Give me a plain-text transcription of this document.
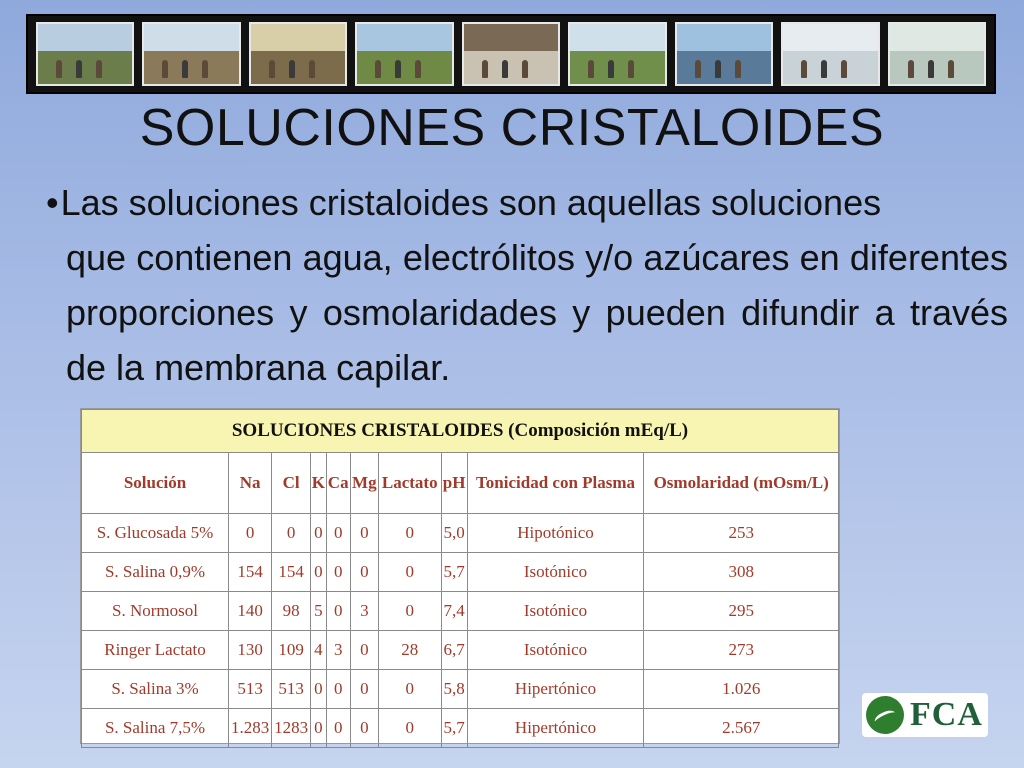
SOLUCIONES CRISTALOIDES
•Las soluciones cristaloides son aquellas soluciones
que contienen agua, electrólitos y/o azúcares en diferentes proporciones y osmolaridades y pueden difundir a través de la membrana capilar.
SOLUCIONES CRISTALOIDES (Composición mEq/L)									
Solución	Na	Cl	K	Ca	Mg	Lactato	pH	Tonicidad con Plasma	Osmolaridad (mOsm/L)
S. Glucosada 5%	0	0	0	0	0	0	5,0	Hipotónico	253
S. Salina 0,9%	154	154	0	0	0	0	5,7	Isotónico	308
S. Normosol	140	98	5	0	3	0	7,4	Isotónico	295
Ringer Lactato	130	109	4	3	0	28	6,7	Isotónico	273
S. Salina 3%	513	513	0	0	0	0	5,8	Hipertónico	1.026
S. Salina 7,5%	1.283	1283	0	0	0	0	5,7	Hipertónico	2.567	FCA
